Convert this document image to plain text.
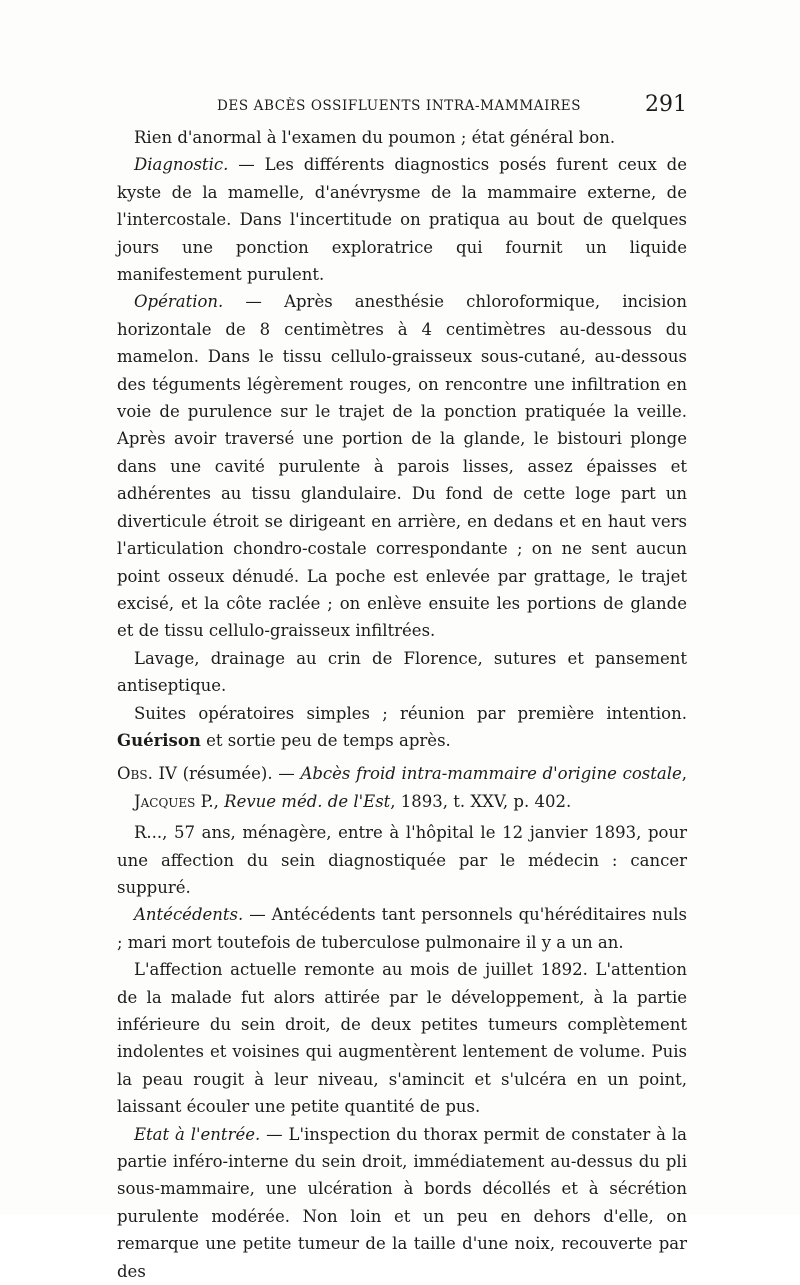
DES ABCÈS OSSIFLUENTS INTRA-MAMMAIRES	291

Rien d'anormal à l'examen du poumon ; état général bon.

Diagnostic. — Les différents diagnostics posés furent ceux de kyste de la mamelle, d'anévrysme de la mammaire externe, de l'intercostale. Dans l'incertitude on pratiqua au bout de quelques jours une ponction exploratrice qui fournit un liquide manifestement purulent.

Opération. — Après anesthésie chloroformique, incision horizontale de 8 centimètres à 4 centimètres au-dessous du mamelon. Dans le tissu cellulo-graisseux sous-cutané, au-dessous des téguments légèrement rouges, on rencontre une infiltration en voie de purulence sur le trajet de la ponction pratiquée la veille. Après avoir traversé une portion de la glande, le bistouri plonge dans une cavité purulente à parois lisses, assez épaisses et adhérentes au tissu glandulaire. Du fond de cette loge part un diverticule étroit se dirigeant en arrière, en dedans et en haut vers l'articulation chondro-costale correspondante ; on ne sent aucun point osseux dénudé. La poche est enlevée par grattage, le trajet excisé, et la côte raclée ; on enlève ensuite les portions de glande et de tissu cellulo-graisseux infiltrées.

Lavage, drainage au crin de Florence, sutures et pansement antiseptique.

Suites opératoires simples ; réunion par première intention. Guérison et sortie peu de temps après.

Obs. IV (résumée). — Abcès froid intra-mammaire d'origine costale, Jacques P., Revue méd. de l'Est, 1893, t. XXV, p. 402.

R..., 57 ans, ménagère, entre à l'hôpital le 12 janvier 1893, pour une affection du sein diagnostiquée par le médecin : cancer suppuré.

Antécédents. — Antécédents tant personnels qu'héréditaires nuls ; mari mort toutefois de tuberculose pulmonaire il y a un an.

L'affection actuelle remonte au mois de juillet 1892. L'attention de la malade fut alors attirée par le développement, à la partie inférieure du sein droit, de deux petites tumeurs complètement indolentes et voisines qui augmentèrent lentement de volume. Puis la peau rougit à leur niveau, s'amincit et s'ulcéra en un point, laissant écouler une petite quantité de pus.

Etat à l'entrée. — L'inspection du thorax permit de constater à la partie inféro-interne du sein droit, immédiatement au-dessus du pli sous-mammaire, une ulcération à bords décollés et à sécrétion purulente modérée. Non loin et un peu en dehors d'elle, on remarque une petite tumeur de la taille d'une noix, recouverte par des
